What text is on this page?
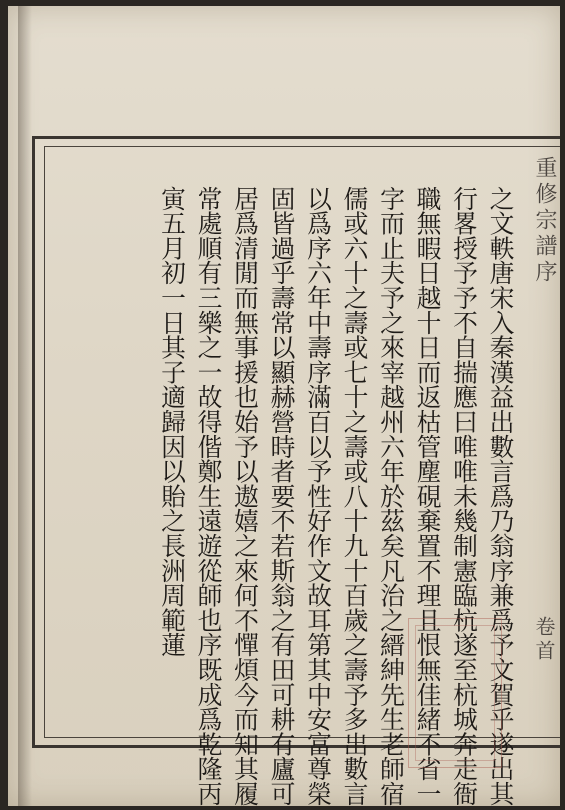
重修宗譜序
卷首
之文軼唐宋入秦漢益出數言爲乃翁序兼爲予文賀乎遂出其
行畧授予予不自揣應曰唯唯未幾制憲臨杭遂至杭城奔走衙
職無暇日越十日而返枯管塵硯棄置不理且恨無佳緒不省一
字而止夫予之來宰越州六年於茲矣凡治之縉紳先生老師宿
儒或六十之壽或七十之壽或八十九十百歲之壽予多出數言
以爲序六年中壽序滿百以予性好作文故耳第其中安富尊榮
固皆過乎壽常以顯赫營時者要不若斯翁之有田可耕有廬可
居爲清閒而無事援也始予以遨嬉之來何不憚煩今而知其履
常處順有三樂之一故得偕鄭生遠遊從師也序既成爲乾隆丙
寅五月初一日其子適歸因以貽之長洲周範蓮
